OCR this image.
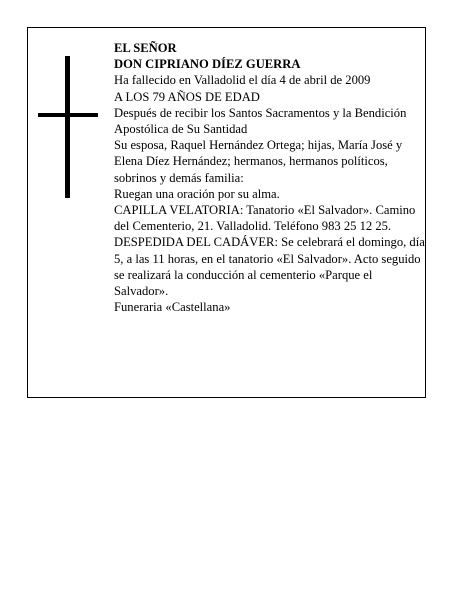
EL SEÑOR

DON CIPRIANO DÍEZ GUERRA

Ha fallecido en Valladolid el día 4 de abril de 2009

A LOS 79 AÑOS DE EDAD

Después de recibir los Santos Sacramentos y la Bendición Apostólica de Su Santidad

Su esposa, Raquel Hernández Ortega; hijas, María José y Elena Díez Hernández; hermanos, hermanos políticos, sobrinos y demás familia:

Ruegan una oración por su alma.

CAPILLA VELATORIA: Tanatorio «El Salvador». Camino del Cementerio, 21. Valladolid. Teléfono 983 25 12 25.

DESPEDIDA DEL CADÁVER: Se celebrará el domingo, día 5, a las 11 horas, en el tanatorio «El Salvador». Acto seguido se realizará la conducción al cementerio «Parque el Salvador».

Funeraria «Castellana»
